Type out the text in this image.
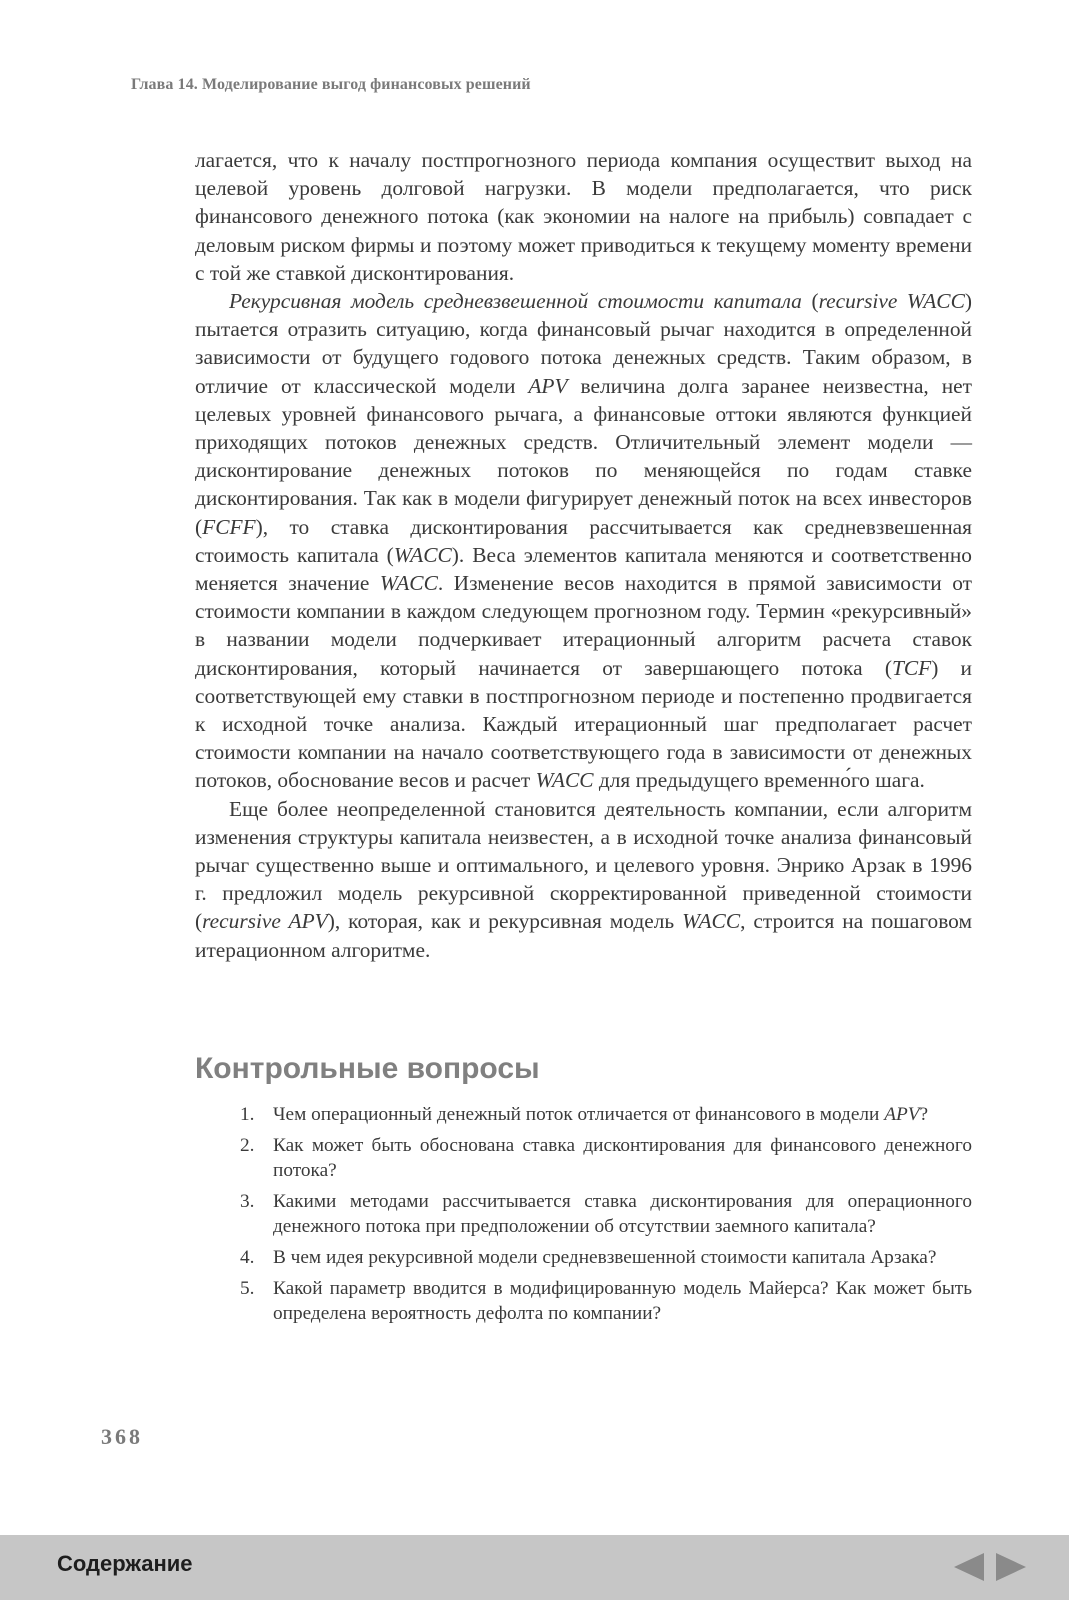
Глава 14. Моделирование выгод финансовых решений

лагается, что к началу постпрогнозного периода компания осуществит выход на целевой уровень долговой нагрузки. В модели предполагается, что риск финансового денежного потока (как экономии на налоге на прибыль) совпадает с деловым риском фирмы и поэтому может приводиться к текущему моменту времени с той же ставкой дисконтирования.

Рекурсивная модель средневзвешенной стоимости капитала (recursive WACC) пытается отразить ситуацию, когда финансовый рычаг находится в определенной зависимости от будущего годового потока денежных средств. Таким образом, в отличие от классической модели APV величина долга заранее неизвестна, нет целевых уровней финансового рычага, а финансовые оттоки являются функцией приходящих потоков денежных средств. Отличительный элемент модели — дисконтирование денежных потоков по меняющейся по годам ставке дисконтирования. Так как в модели фигурирует денежный поток на всех инвесторов (FCFF), то ставка дисконтирования рассчитывается как средневзвешенная стоимость капитала (WACC). Веса элементов капитала меняются и соответственно меняется значение WACC. Изменение весов находится в прямой зависимости от стоимости компании в каждом следующем прогнозном году. Термин «рекурсивный» в названии модели подчеркивает итерационный алгоритм расчета ставок дисконтирования, который начинается от завершающего потока (TCF) и соответствующей ему ставки в постпрогнозном периоде и постепенно продвигается к исходной точке анализа. Каждый итерационный шаг предполагает расчет стоимости компании на начало соответствующего года в зависимости от денежных потоков, обоснование весов и расчет WACC для предыдущего временно́го шага.

Еще более неопределенной становится деятельность компании, если алгоритм изменения структуры капитала неизвестен, а в исходной точке анализа финансовый рычаг существенно выше и оптимального, и целевого уровня. Энрико Арзак в 1996 г. предложил модель рекурсивной скорректированной приведенной стоимости (recursive APV), которая, как и рекурсивная модель WACC, строится на пошаговом итерационном алгоритме.

Контрольные вопросы
1. Чем операционный денежный поток отличается от финансового в модели APV?
2. Как может быть обоснована ставка дисконтирования для финансового денежного потока?
3. Какими методами рассчитывается ставка дисконтирования для операционного денежного потока при предположении об отсутствии заемного капитала?
4. В чем идея рекурсивной модели средневзвешенной стоимости капитала Арзака?
5. Какой параметр вводится в модифицированную модель Майерса? Как может быть определена вероятность дефолта по компании?
368
Содержание
